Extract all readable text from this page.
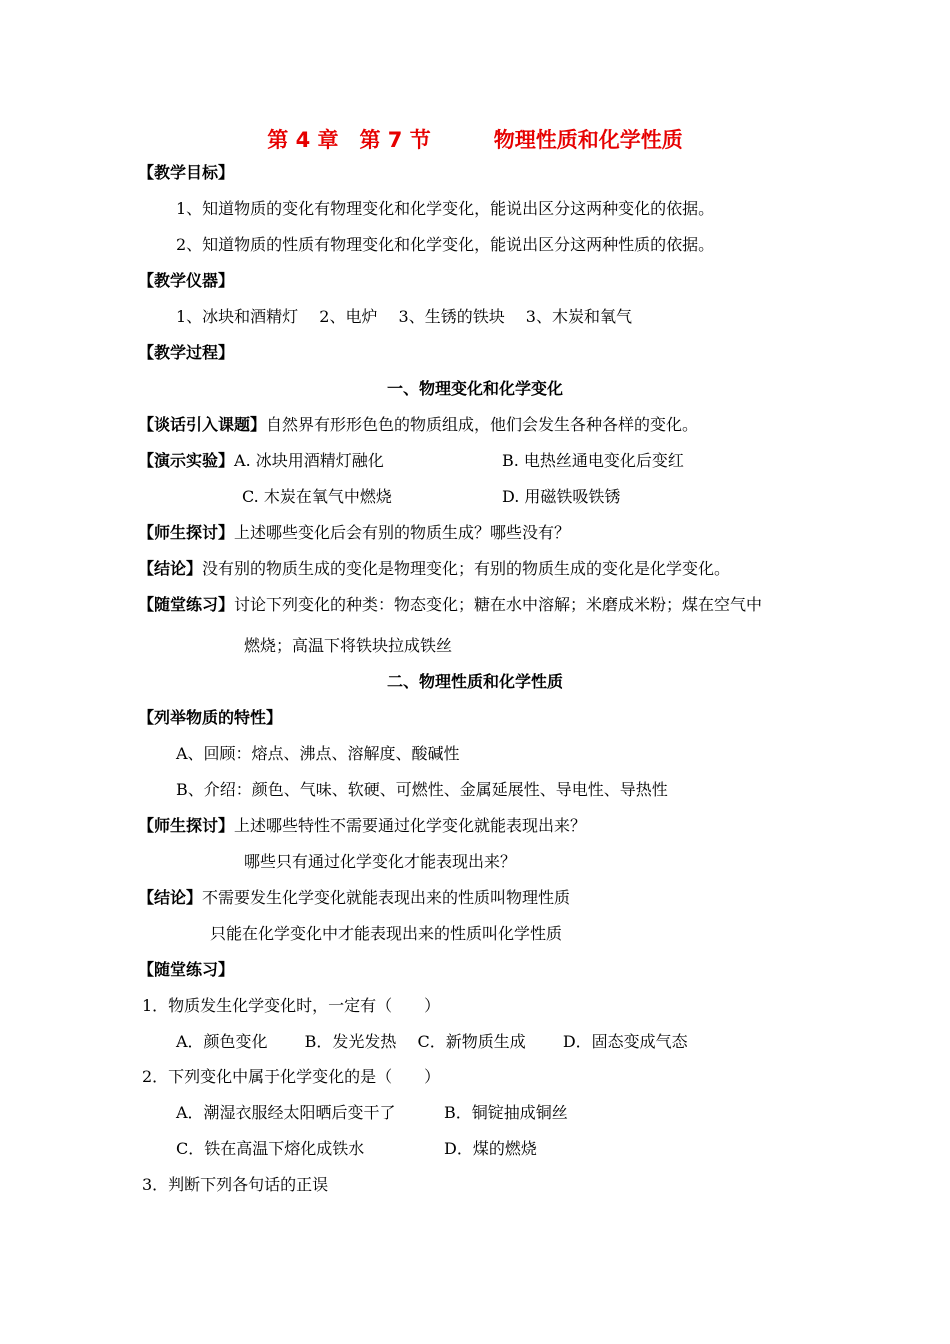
第 4 章　第 7 节　　　物理性质和化学性质
【教学目标】
1、知道物质的变化有物理变化和化学变化，能说出区分这两种变化的依据。
2、知道物质的性质有物理变化和化学变化，能说出区分这两种性质的依据。
【教学仪器】
1、冰块和酒精灯　 2、电炉　 3、生锈的铁块　 3、木炭和氧气
【教学过程】
一、物理变化和化学变化
【谈话引入课题】自然界有形形色色的物质组成，他们会发生各种各样的变化。
【演示实验】A. 冰块用酒精灯融化	B. 电热丝通电变化后变红
C. 木炭在氧气中燃烧	D. 用磁铁吸铁锈
【师生探讨】上述哪些变化后会有别的物质生成？哪些没有？
【结论】没有别的物质生成的变化是物理变化；有别的物质生成的变化是化学变化。
【随堂练习】讨论下列变化的种类：物态变化；糖在水中溶解；米磨成米粉；煤在空气中
燃烧；高温下将铁块拉成铁丝
二、物理性质和化学性质
【列举物质的特性】
A、回顾：熔点、沸点、溶解度、酸碱性
B、介绍：颜色、气味、软硬、可燃性、金属延展性、导电性、导热性
【师生探讨】上述哪些特性不需要通过化学变化就能表现出来？
哪些只有通过化学变化才能表现出来？
【结论】不需要发生化学变化就能表现出来的性质叫物理性质
只能在化学变化中才能表现出来的性质叫化学性质
【随堂练习】
1．物质发生化学变化时，一定有（　　）
A．颜色变化　　 B．发光发热　 C．新物质生成　　 D．固态变成气态
2．下列变化中属于化学变化的是（　　）
A．潮湿衣服经太阳晒后变干了	B．铜锭抽成铜丝
C．铁在高温下熔化成铁水	D．煤的燃烧
3．判断下列各句话的正误
